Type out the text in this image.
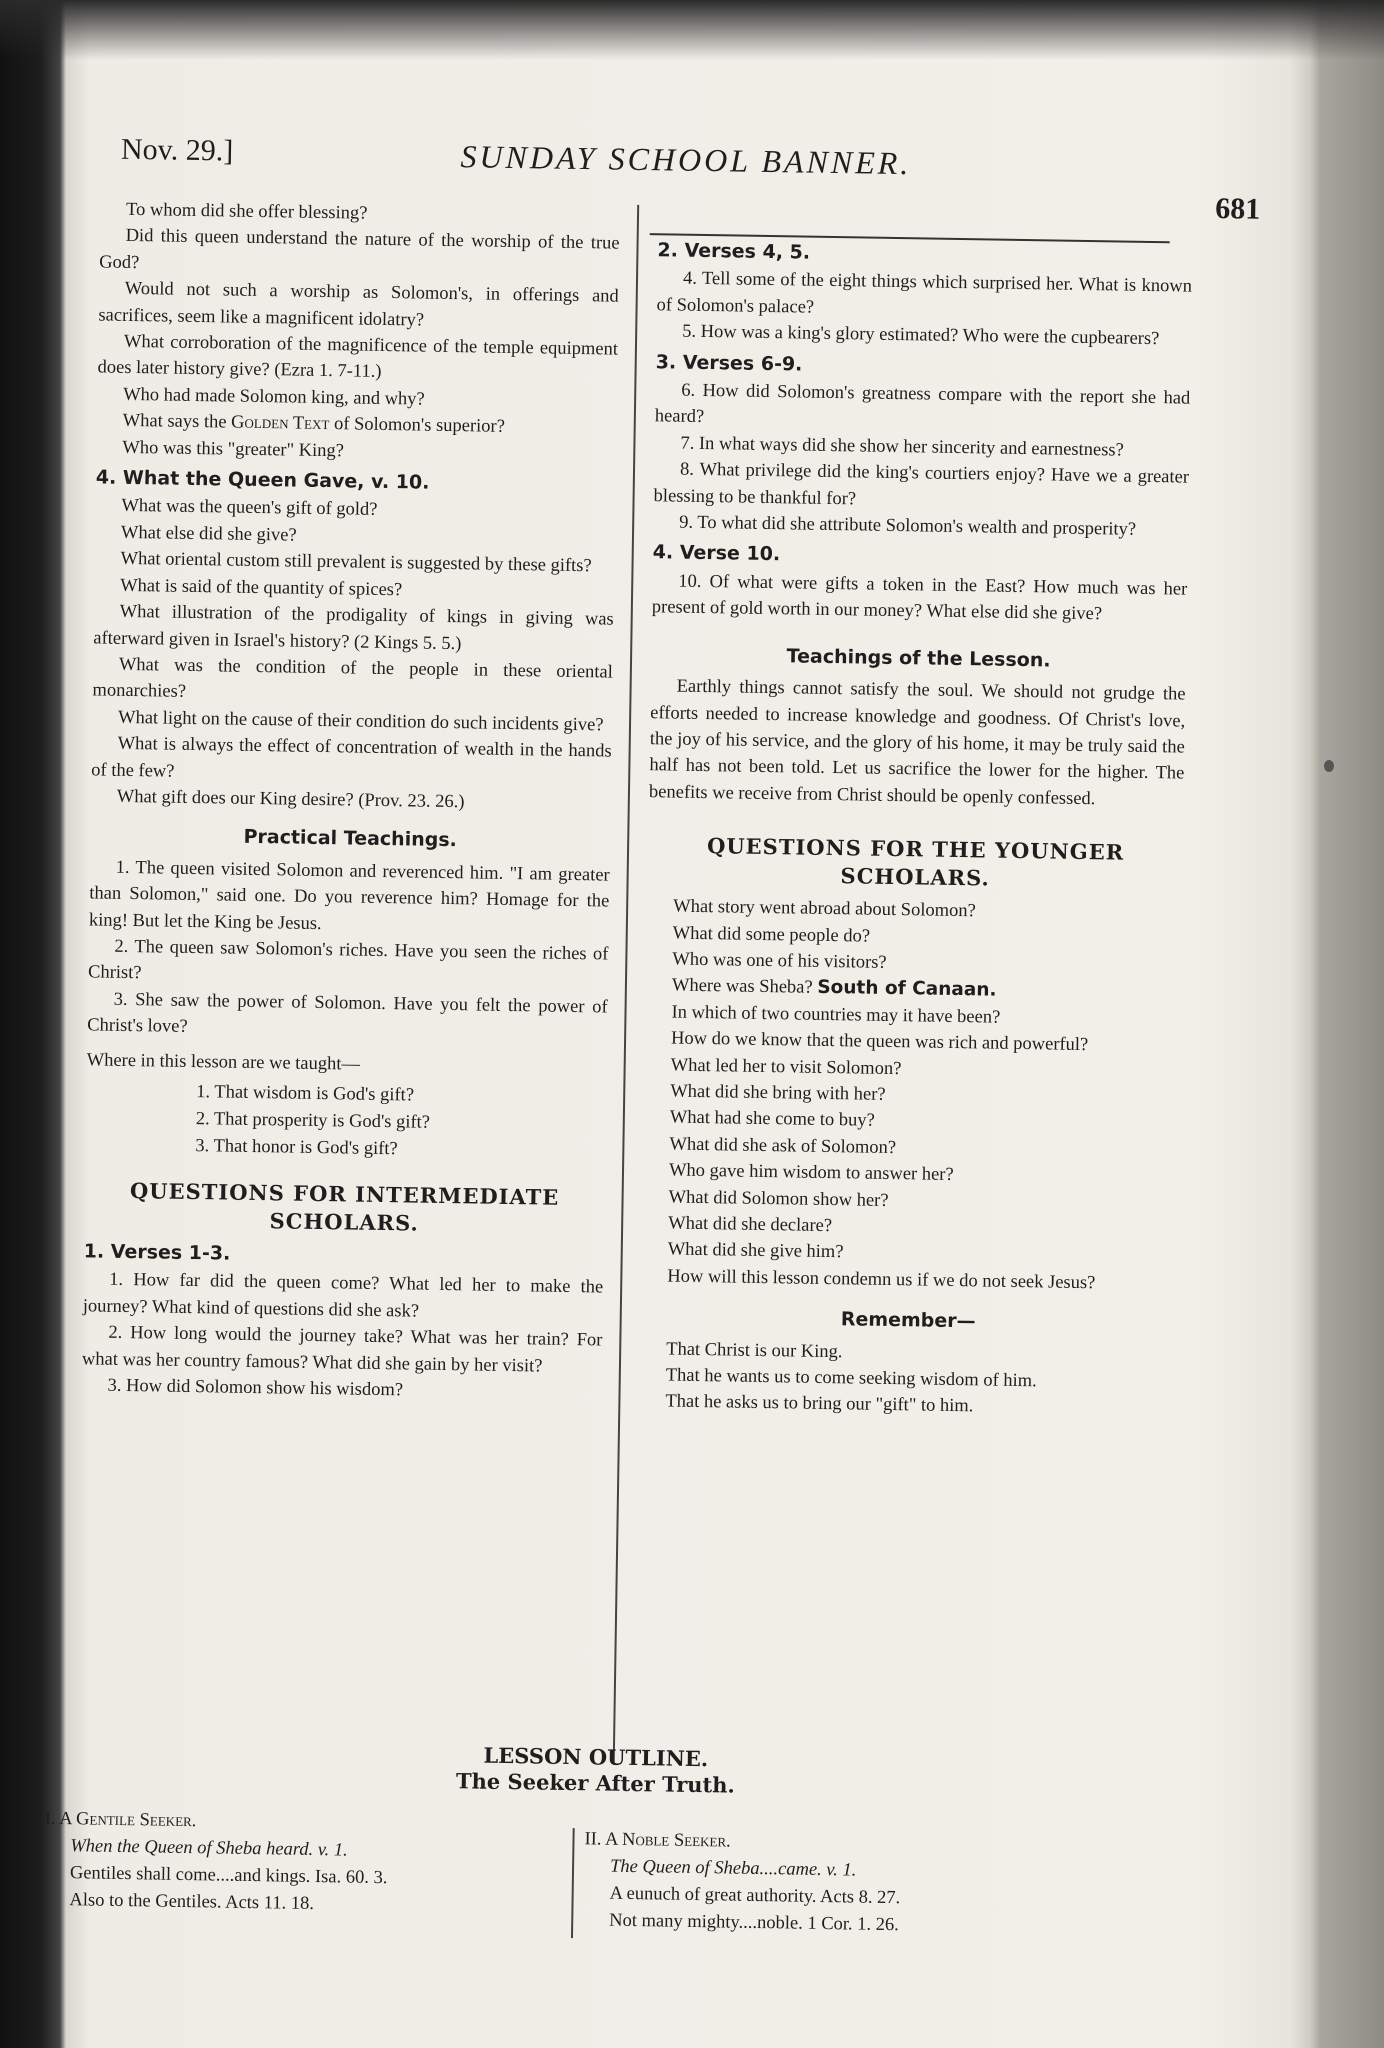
Nov. 29.]	SUNDAY SCHOOL BANNER.
681

To whom did she offer blessing?

Did this queen understand the nature of the worship of the true God?

Would not such a worship as Solomon's, in offerings and sacrifices, seem like a magnificent idolatry?

What corroboration of the magnificence of the temple equipment does later history give? (Ezra 1. 7-11.)

Who had made Solomon king, and why?

What says the Golden Text of Solomon's superior?

Who was this "greater" King?

4. What the Queen Gave, v. 10.

What was the queen's gift of gold?

What else did she give?

What oriental custom still prevalent is suggested by these gifts?

What is said of the quantity of spices?

What illustration of the prodigality of kings in giving was afterward given in Israel's history? (2 Kings 5. 5.)

What was the condition of the people in these oriental monarchies?

What light on the cause of their condition do such incidents give?

What is always the effect of concentration of wealth in the hands of the few?

What gift does our King desire? (Prov. 23. 26.)

Practical Teachings.

1. The queen visited Solomon and reverenced him. "I am greater than Solomon," said one. Do you reverence him? Homage for the king! But let the King be Jesus.

2. The queen saw Solomon's riches. Have you seen the riches of Christ?

3. She saw the power of Solomon. Have you felt the power of Christ's love?

Where in this lesson are we taught—

1. That wisdom is God's gift?
2. That prosperity is God's gift?
3. That honor is God's gift?
QUESTIONS FOR INTERMEDIATE
SCHOLARS.
1. Verses 1-3.

1. How far did the queen come? What led her to make the journey? What kind of questions did she ask?

2. How long would the journey take? What was her train? For what was her country famous? What did she gain by her visit?

3. How did Solomon show his wisdom?

2. Verses 4, 5.

4. Tell some of the eight things which surprised her. What is known of Solomon's palace?

5. How was a king's glory estimated? Who were the cupbearers?

3. Verses 6-9.

6. How did Solomon's greatness compare with the report she had heard?

7. In what ways did she show her sincerity and earnestness?

8. What privilege did the king's courtiers enjoy? Have we a greater blessing to be thankful for?

9. To what did she attribute Solomon's wealth and prosperity?

4. Verse 10.

10. Of what were gifts a token in the East? How much was her present of gold worth in our money? What else did she give?

Teachings of the Lesson.

Earthly things cannot satisfy the soul. We should not grudge the efforts needed to increase knowledge and goodness. Of Christ's love, the joy of his service, and the glory of his home, it may be truly said the half has not been told. Let us sacrifice the lower for the higher. The benefits we receive from Christ should be openly confessed.

QUESTIONS FOR THE YOUNGER
SCHOLARS.

What story went abroad about Solomon?

What did some people do?

Who was one of his visitors?

Where was Sheba? South of Canaan.

In which of two countries may it have been?

How do we know that the queen was rich and powerful?

What led her to visit Solomon?

What did she bring with her?

What had she come to buy?

What did she ask of Solomon?

Who gave him wisdom to answer her?

What did Solomon show her?

What did she declare?

What did she give him?

How will this lesson condemn us if we do not seek Jesus?

Remember—

That Christ is our King.

That he wants us to come seeking wisdom of him.

That he asks us to bring our "gift" to him.

LESSON OUTLINE.
The Seeker After Truth.
I. A Gentile Seeker.
When the Queen of Sheba heard. v. 1.
Gentiles shall come....and kings. Isa. 60. 3.
Also to the Gentiles. Acts 11. 18.
II. A Noble Seeker.
The Queen of Sheba....came. v. 1.
A eunuch of great authority. Acts 8. 27.
Not many mighty....noble. 1 Cor. 1. 26.
